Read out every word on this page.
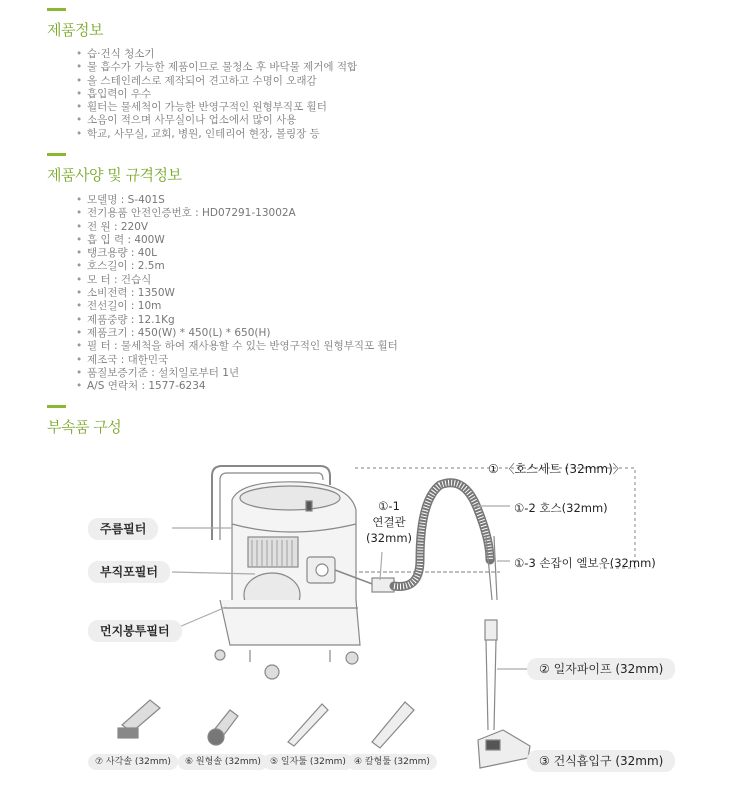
제품정보
• 습·건식 청소기
• 물 흡수가 가능한 제품이므로 물청소 후 바닥물 제거에 적합
• 올 스테인레스로 제작되어 견고하고 수명이 오래감
• 흡입력이 우수
• 휠터는 물세척이 가능한 반영구적인 원형부직포 휠터
• 소음이 적으며 사무실이나 업소에서 많이 사용
• 학교, 사무실, 교회, 병원, 인테리어 현장, 볼링장 등
제품사양 및 규격정보
• 모델명 : S-401S
• 전기용품 안전인증번호 : HD07291-13002A
• 전 원 : 220V
• 흡 입 력 : 400W
• 탱크용량 : 40L
• 호스길이 : 2.5m
• 모 터 : 건습식
• 소비전력 : 1350W
• 전선길이 : 10m
• 제품중량 : 12.1Kg
• 제품크기 : 450(W) * 450(L) * 650(H)
• 필 터 : 물세척을 하여 재사용할 수 있는 반영구적인 원형부직포 휠터
• 제조국 : 대한민국
• 품질보증기준 : 설치일로부터 1년
• A/S 연락처 : 1577-6234
부속품 구성
주름필터
부직포필터
먼지봉투필터
① 〈호스세트 (32mm)〉
①-1
연결관
(32mm)
①-2 호스(32mm)
①-3 손잡이 엘보우(32mm)
② 일자파이프 (32mm)
③ 건식흡입구 (32mm)
⑦ 사각솔 (32mm)	⑥ 원형솔 (32mm)	⑤ 일자툴 (32mm) ④ 칼형툴 (32mm)
